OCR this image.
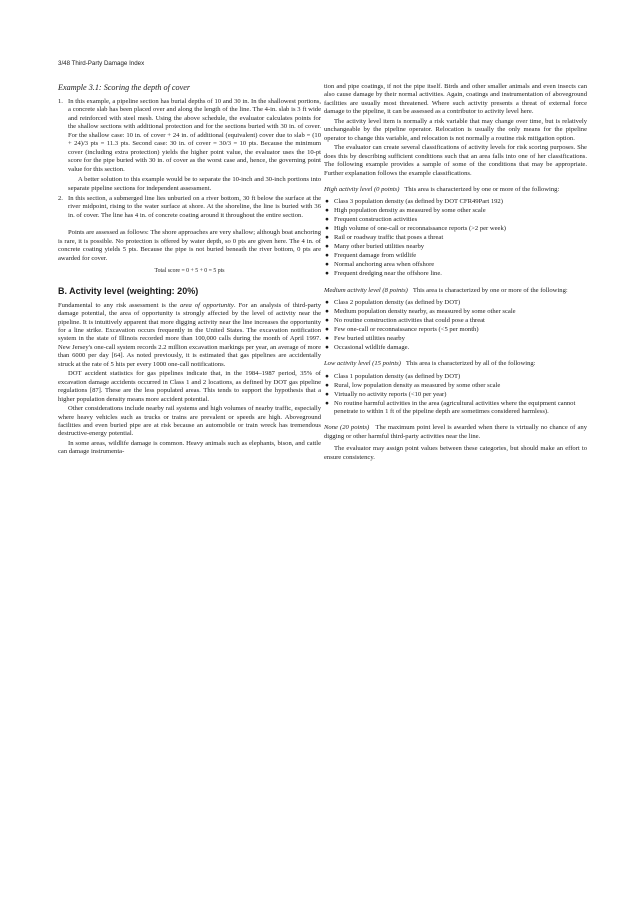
3/48 Third-Party Damage Index
Example 3.1: Scoring the depth of cover
1. In this example, a pipeline section has burial depths of 10 and 30 in. In the shallowest portions, a concrete slab has been placed over and along the length of the line. The 4-in. slab is 3 ft wide and reinforced with steel mesh. Using the above schedule, the evaluator calculates points for the shallow sections with additional protection and for the sections buried with 30 in. of cover. For the shallow case: 10 in. of cover + 24 in. of additional (equivalent) cover due to slab = (10 + 24)/3 pts = 11.3 pts. Second case: 30 in. of cover = 30/3 = 10 pts. Because the minimum cover (including extra protection) yields the higher point value, the evaluator uses the 10-pt score for the pipe buried with 30 in. of cover as the worst case and, hence, the governing point value for this section.
A better solution to this example would be to separate the 10-inch and 30-inch portions into separate pipeline sections for independent assessment.
2. In this section, a submerged line lies unburied on a river bottom, 30 ft below the surface at the river midpoint, rising to the water surface at shore. At the shoreline, the line is buried with 36 in. of cover. The line has 4 in. of concrete coating around it throughout the entire section.

Points are assessed as follows: The shore approaches are very shallow; although boat anchoring is rare, it is possible. No protection is offered by water depth, so 0 pts are given here. The 4 in. of concrete coating yields 5 pts. Because the pipe is not buried beneath the river bottom, 0 pts are awarded for cover.

Total score = 0 + 5 + 0 = 5 pts
B. Activity level (weighting: 20%)

Fundamental to any risk assessment is the area of opportunity. For an analysis of third-party damage potential, the area of opportunity is strongly affected by the level of activity near the pipeline. It is intuitively apparent that more digging activity near the line increases the opportunity for a line strike. Excavation occurs frequently in the United States. The excavation notification system in the state of Illinois recorded more than 100,000 calls during the month of April 1997. New Jersey's one-call system records 2.2 million excavation markings per year, an average of more than 6000 per day [64]. As noted previously, it is estimated that gas pipelines are accidentally struck at the rate of 5 hits per every 1000 one-call notifications.

DOT accident statistics for gas pipelines indicate that, in the 1984–1987 period, 35% of excavation damage accidents occurred in Class 1 and 2 locations, as defined by DOT gas pipeline regulations [87]. These are the less populated areas. This tends to support the hypothesis that a higher population density means more accident potential.

Other considerations include nearby rail systems and high volumes of nearby traffic, especially where heavy vehicles such as trucks or trains are prevalent or speeds are high. Aboveground facilities and even buried pipe are at risk because an automobile or train wreck has tremendous destructive-energy potential.

In some areas, wildlife damage is common. Heavy animals such as elephants, bison, and cattle can damage instrumenta-

tion and pipe coatings, if not the pipe itself. Birds and other smaller animals and even insects can also cause damage by their normal activities. Again, coatings and instrumentation of aboveground facilities are usually most threatened. Where such activity presents a threat of external force damage to the pipeline, it can be assessed as a contributor to activity level here.

The activity level item is normally a risk variable that may change over time, but is relatively unchangeable by the pipeline operator. Relocation is usually the only means for the pipeline operator to change this variable, and relocation is not normally a routine risk mitigation option.

The evaluator can create several classifications of activity levels for risk scoring purposes. She does this by describing sufficient conditions such that an area falls into one of her classifications. The following example provides a sample of some of the conditions that may be appropriate. Further explanation follows the example classifications.

High activity level (0 points) This area is characterized by one or more of the following:
● Class 3 population density (as defined by DOT CFR49Part 192)
● High population density as measured by some other scale
● Frequent construction activities
● High volume of one-call or reconnaissance reports (>2 per week)
● Rail or roadway traffic that poses a threat
● Many other buried utilities nearby
● Frequent damage from wildlife
● Normal anchoring area when offshore
● Frequent dredging near the offshore line.
Medium activity level (8 points) This area is characterized by one or more of the following:
● Class 2 population density (as defined by DOT)
● Medium population density nearby, as measured by some other scale
● No routine construction activities that could pose a threat
● Few one-call or reconnaissance reports (<5 per month)
● Few buried utilities nearby
● Occasional wildlife damage.
Low activity level (15 points) This area is characterized by all of the following:
● Class 1 population density (as defined by DOT)
● Rural, low population density as measured by some other scale
● Virtually no activity reports (<10 per year)
● No routine harmful activities in the area (agricultural activities where the equipment cannot penetrate to within 1 ft of the pipeline depth are sometimes considered harmless).

None (20 points) The maximum point level is awarded when there is virtually no chance of any digging or other harmful third-party activities near the line.

The evaluator may assign point values between these categories, but should make an effort to ensure consistency.
